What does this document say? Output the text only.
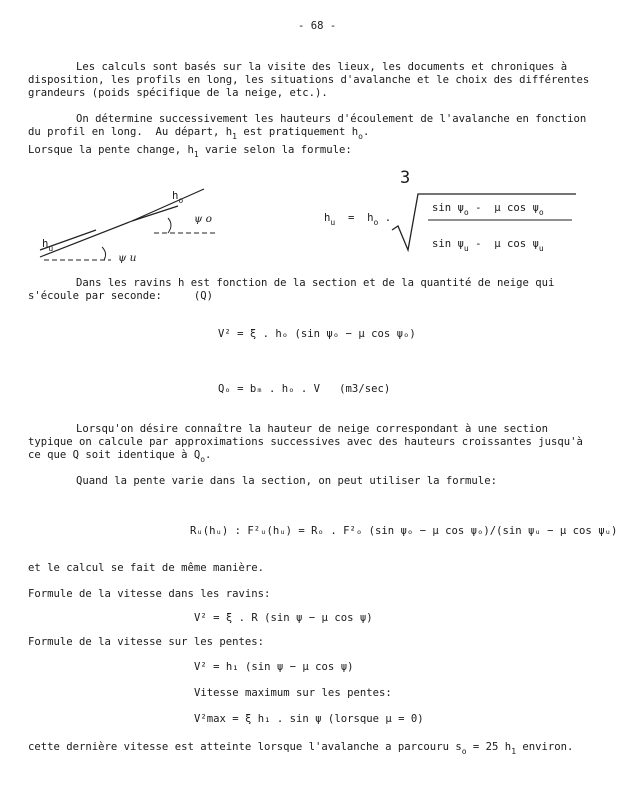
- 68 -
Les calculs sont basés sur la visite des lieux, les documents et chroniques à
disposition, les profils en long, les situations d'avalanche et le choix des différentes
grandeurs (poids spécifique de la neige, etc.).
On détermine successivement les hauteurs d'écoulement de l'avalanche en fonction
du profil en long.  Au départ, $h_1$ est pratiquement $h_o$.
Lorsque la pente change, $h_1$ varie selon la formule:
$h_o$
ψ o
$h_u$
ψ u
$h_u = h_o$ .
3
$\sin \psi_o$ -  μ $\cos \psi_o$
$\sin \psi_u$ -  μ $\cos \psi_u$
Dans les ravins h est fonction de la section et de la quantité de neige qui
s'écoule par seconde:     (Q)
V² = ξ . hₒ (sin ψₒ − μ cos ψₒ)
Qₒ = bₘ . hₒ . V   (m3/sec)
Lorsqu'on désire connaître la hauteur de neige correspondant à une section
typique on calcule par approximations successives avec des hauteurs croissantes jusqu'à
ce que Q soit identique à $Q_o$.
Quand la pente varie dans la section, on peut utiliser la formule:
Rᵤ(hᵤ) : F²ᵤ(hᵤ) = Rₒ . F²ₒ (sin ψₒ − μ cos ψₒ)/(sin ψᵤ − μ cos ψᵤ)
et le calcul se fait de même manière.
Formule de la vitesse dans les ravins:
V² = ξ . R (sin ψ − μ cos ψ)
Formule de la vitesse sur les pentes:
V² = h₁ (sin ψ − μ cos ψ)
Vitesse maximum sur les pentes:
V²max = ξ h₁ . sin ψ (lorsque μ = 0)
cette dernière vitesse est atteinte lorsque l'avalanche a parcouru $s_o = 25$ $h_1$ environ.
